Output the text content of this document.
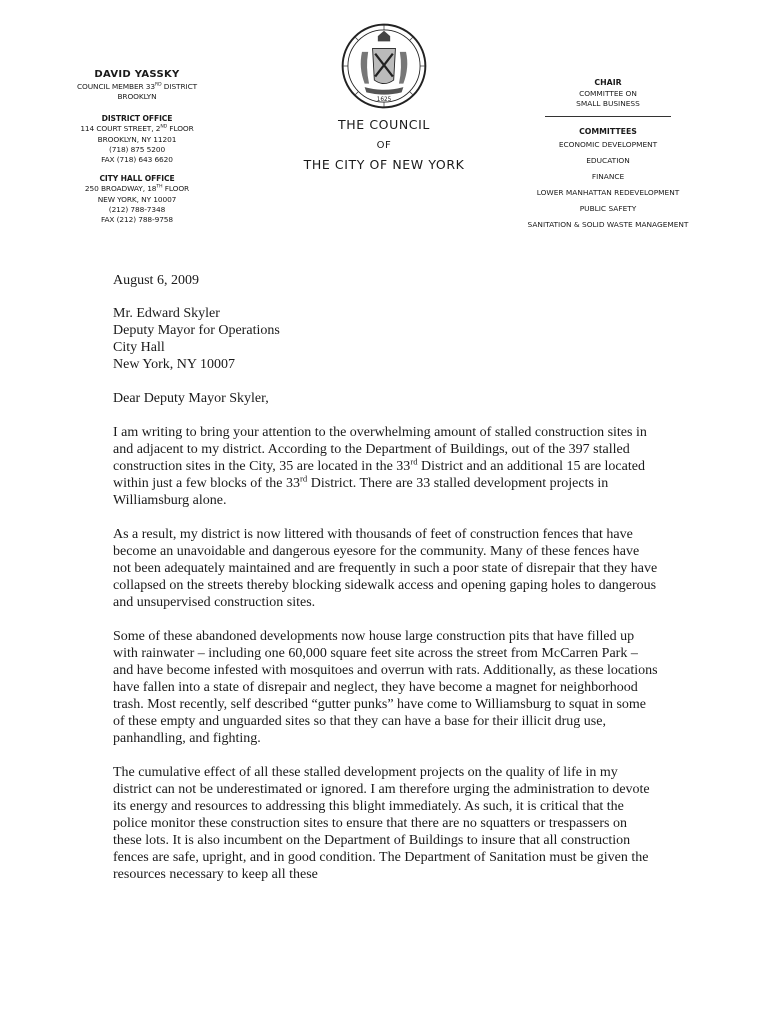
DAVID YASSKY
COUNCIL MEMBER 33RD DISTRICT
BROOKLYN
DISTRICT OFFICE
114 COURT STREET, 2ND FLOOR
BROOKLYN, NY 11201
(718) 875 5200
FAX (718) 643 6620
CITY HALL OFFICE
250 BROADWAY, 18TH FLOOR
NEW YORK, NY 10007
(212) 788-7348
FAX (212) 788-9758
1625
THE COUNCIL
OF
THE CITY OF NEW YORK
CHAIR
COMMITTEE ON
SMALL BUSINESS
COMMITTEES
ECONOMIC DEVELOPMENT
EDUCATION
FINANCE
LOWER MANHATTAN REDEVELOPMENT
PUBLIC SAFETY
SANITATION & SOLID WASTE MANAGEMENT
August 6, 2009
Mr. Edward Skyler
Deputy Mayor for Operations
City Hall
New York, NY 10007
Dear Deputy Mayor Skyler,

I am writing to bring your attention to the overwhelming amount of stalled construction sites in and adjacent to my district. According to the Department of Buildings, out of the 397 stalled construction sites in the City, 35 are located in the 33rd District and an additional 15 are located within just a few blocks of the 33rd District. There are 33 stalled development projects in Williamsburg alone.

As a result, my district is now littered with thousands of feet of construction fences that have become an unavoidable and dangerous eyesore for the community. Many of these fences have not been adequately maintained and are frequently in such a poor state of disrepair that they have collapsed on the streets thereby blocking sidewalk access and opening gaping holes to dangerous and unsupervised construction sites.

Some of these abandoned developments now house large construction pits that have filled up with rainwater – including one 60,000 square feet site across the street from McCarren Park – and have become infested with mosquitoes and overrun with rats. Additionally, as these locations have fallen into a state of disrepair and neglect, they have become a magnet for neighborhood trash. Most recently, self described “gutter punks” have come to Williamsburg to squat in some of these empty and unguarded sites so that they can have a base for their illicit drug use, panhandling, and fighting.

The cumulative effect of all these stalled development projects on the quality of life in my district can not be underestimated or ignored. I am therefore urging the administration to devote its energy and resources to addressing this blight immediately. As such, it is critical that the police monitor these construction sites to ensure that there are no squatters or trespassers on these lots. It is also incumbent on the Department of Buildings to insure that all construction fences are safe, upright, and in good condition. The Department of Sanitation must be given the resources necessary to keep all these
